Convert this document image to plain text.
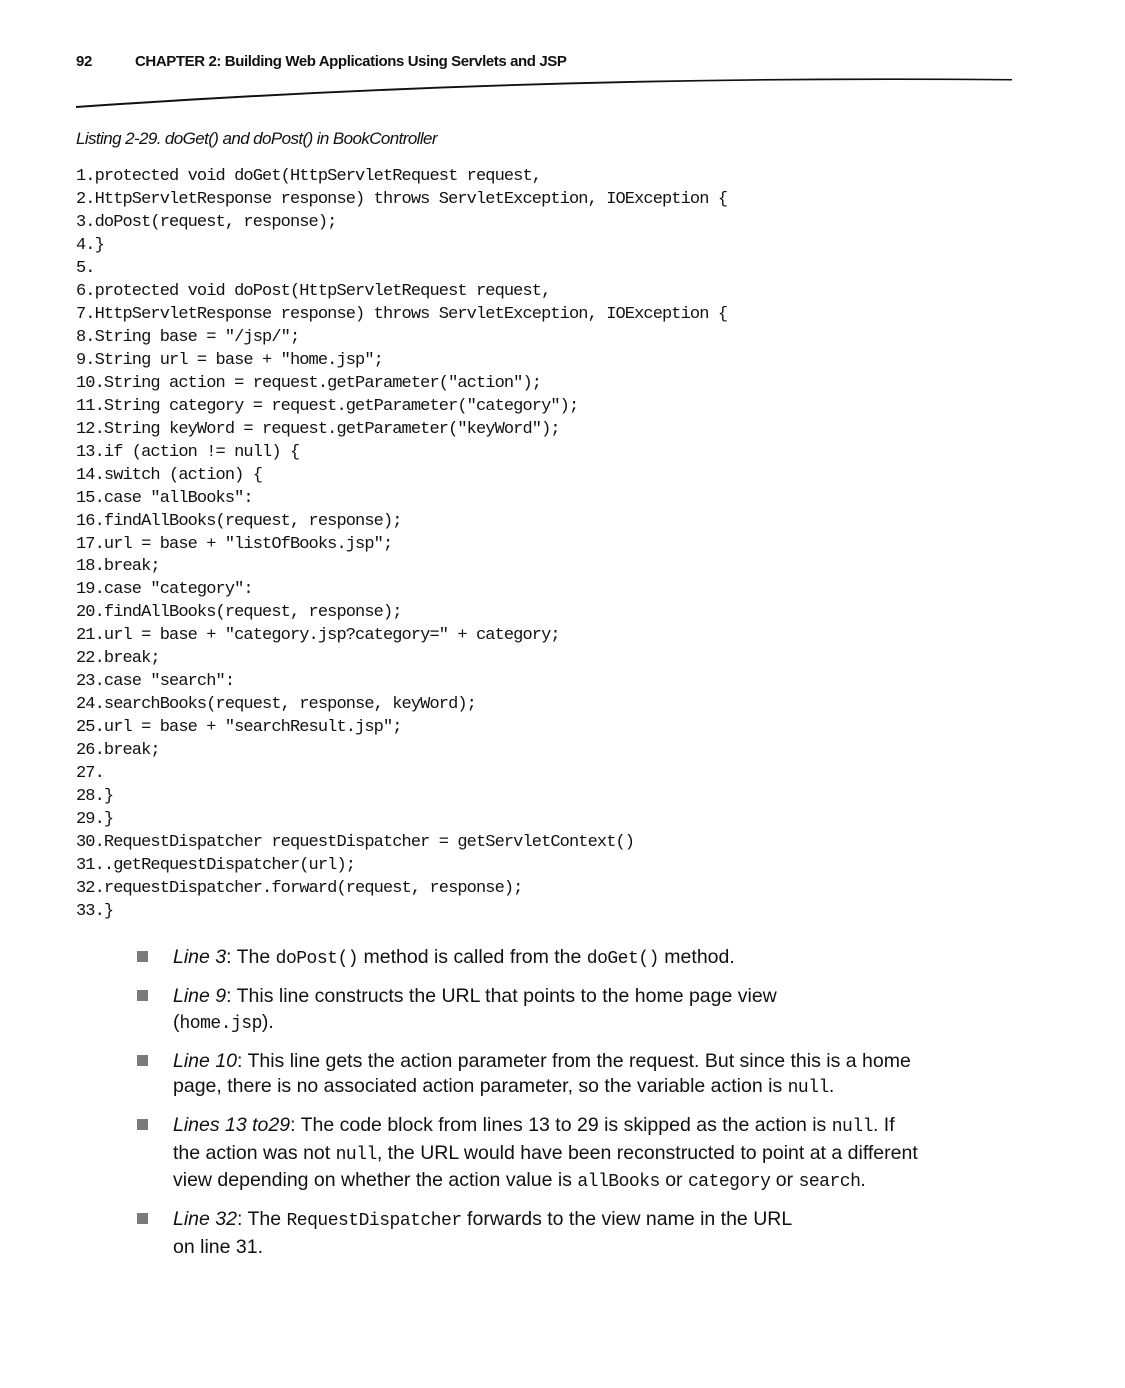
92	CHAPTER 2: Building Web Applications Using Servlets and JSP
Listing 2-29. doGet() and doPost() in BookController
1.protected void doGet(HttpServletRequest request,
2.HttpServletResponse response) throws ServletException, IOException {
3.doPost(request, response);
4.}
5.
6.protected void doPost(HttpServletRequest request,
7.HttpServletResponse response) throws ServletException, IOException {
8.String base = "/jsp/";
9.String url = base + "home.jsp";
10.String action = request.getParameter("action");
11.String category = request.getParameter("category");
12.String keyWord = request.getParameter("keyWord");
13.if (action != null) {
14.switch (action) {
15.case "allBooks":
16.findAllBooks(request, response);
17.url = base + "listOfBooks.jsp";
18.break;
19.case "category":
20.findAllBooks(request, response);
21.url = base + "category.jsp?category=" + category;
22.break;
23.case "search":
24.searchBooks(request, response, keyWord);
25.url = base + "searchResult.jsp";
26.break;
27.
28.}
29.}
30.RequestDispatcher requestDispatcher = getServletContext()
31..getRequestDispatcher(url);
32.requestDispatcher.forward(request, response);
33.}
Line 3: The doPost() method is called from the doGet() method.
Line 9: This line constructs the URL that points to the home page view
(home.jsp).
Line 10: This line gets the action parameter from the request. But since this is a home page, there is no associated action parameter, so the variable action is null.
Lines 13 to29: The code block from lines 13 to 29 is skipped as the action is null. If the action was not null, the URL would have been reconstructed to point at a different view depending on whether the action value is allBooks or category or search.
Line 32: The RequestDispatcher forwards to the view name in the URL
on line 31.
